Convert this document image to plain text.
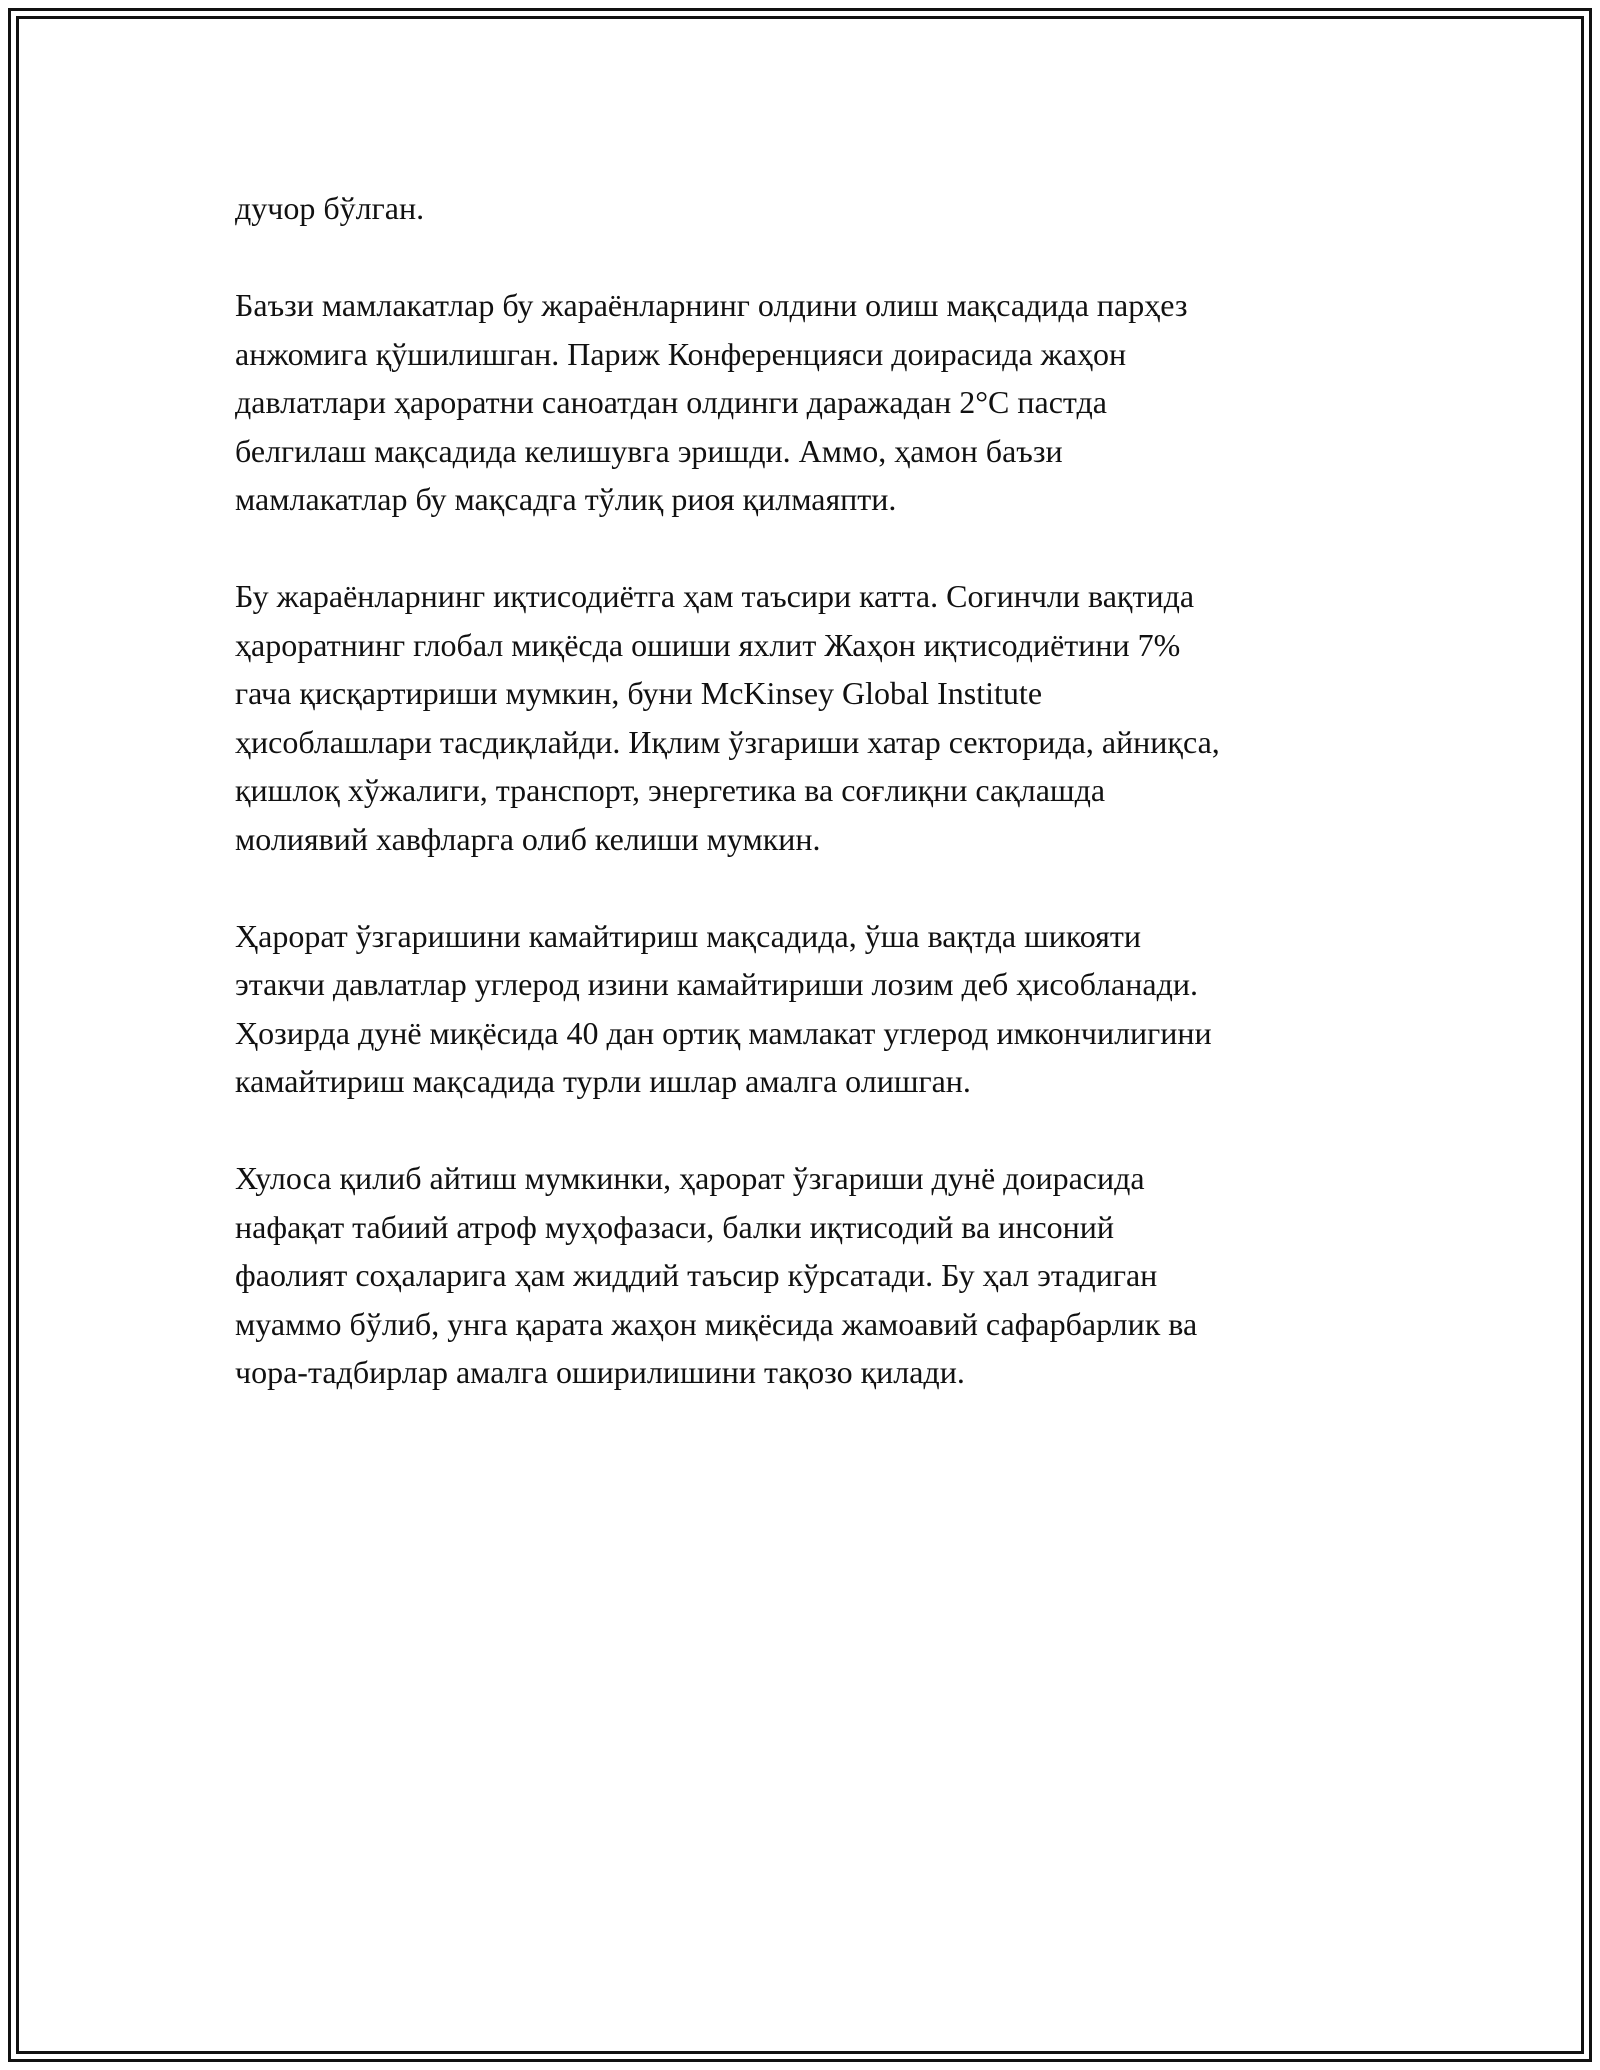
дучор бўлган.

Баъзи мамлакатлар бу жараёнларнинг олдини олиш мақсадида парҳез
анжомига қўшилишган. Париж Конференцияси доирасида жаҳон
давлатлари ҳароратни саноатдан олдинги даражадан 2°C пастда
белгилаш мақсадида келишувга эришди. Аммо, ҳамон баъзи
мамлакатлар бу мақсадга тўлиқ риоя қилмаяпти.

Бу жараёнларнинг иқтисодиётга ҳам таъсири катта. Согинчли вақтида
ҳароратнинг глобал миқёсда ошиши яхлит Жаҳон иқтисодиётини 7%
гача қисқартириши мумкин, буни McKinsey Global Institute
ҳисоблашлари тасдиқлайди. Иқлим ўзгариши хатар секторида, айниқса,
қишлоқ хўжалиги, транспорт, энергетика ва соғлиқни сақлашда
молиявий хавфларга олиб келиши мумкин.

Ҳарорат ўзгаришини камайтириш мақсадида, ўша вақтда шикояти
этакчи давлатлар углерод изини камайтириши лозим деб ҳисобланади.
Ҳозирда дунё миқёсида 40 дан ортиқ мамлакат углерод имкончилигини
камайтириш мақсадида турли ишлар амалга олишган.

Хулоса қилиб айтиш мумкинки, ҳарорат ўзгариши дунё доирасида
нафақат табиий атроф муҳофазаси, балки иқтисодий ва инсоний
фаолият соҳаларига ҳам жиддий таъсир кўрсатади. Бу ҳал этадиган
муаммо бўлиб, унга қарата жаҳон миқёсида жамоавий сафарбарлик ва
чора-тадбирлар амалга оширилишини тақозо қилади.
